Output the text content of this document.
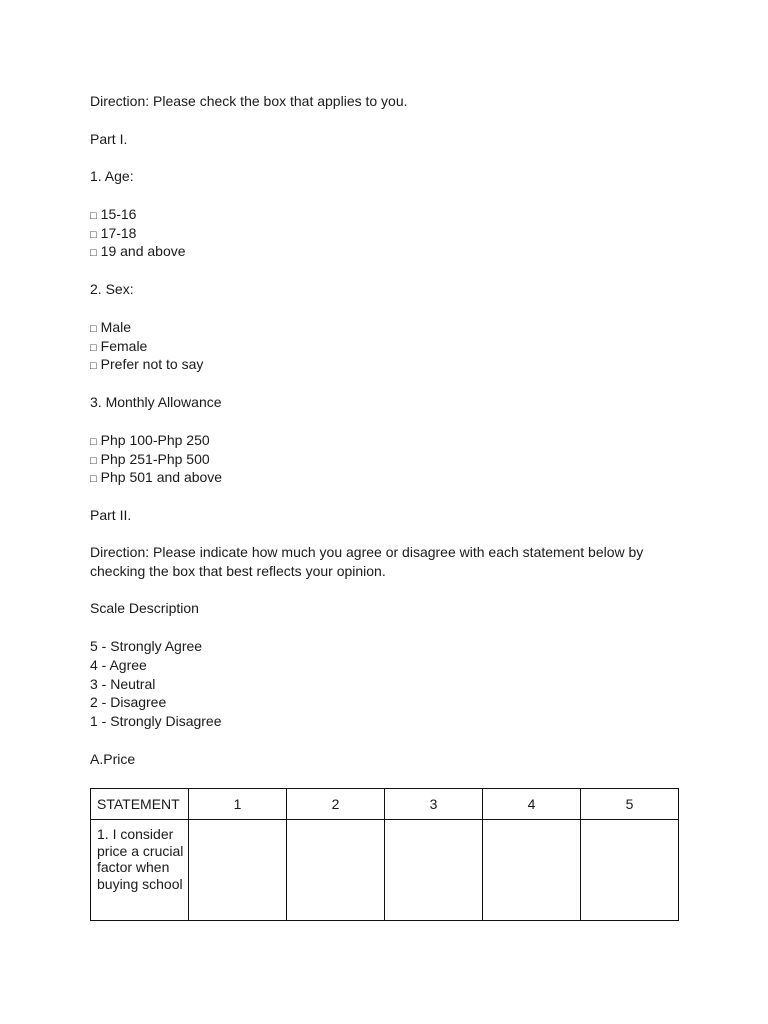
Direction: Please check the box that applies to you.
Part I.
1. Age:
□ 15-16
□ 17-18
□ 19 and above
2. Sex:
□ Male
□ Female
□ Prefer not to say
3. Monthly Allowance
□ Php 100-Php 250
□ Php 251-Php 500
□ Php 501 and above
Part II.
Direction: Please indicate how much you agree or disagree with each statement below by checking the box that best reflects your opinion.
Scale Description
5 - Strongly Agree
4 - Agree
3 - Neutral
2 - Disagree
1 - Strongly Disagree
A.Price
STATEMENT	1	2	3	4	5
1. I consider price a crucial factor when buying school					
